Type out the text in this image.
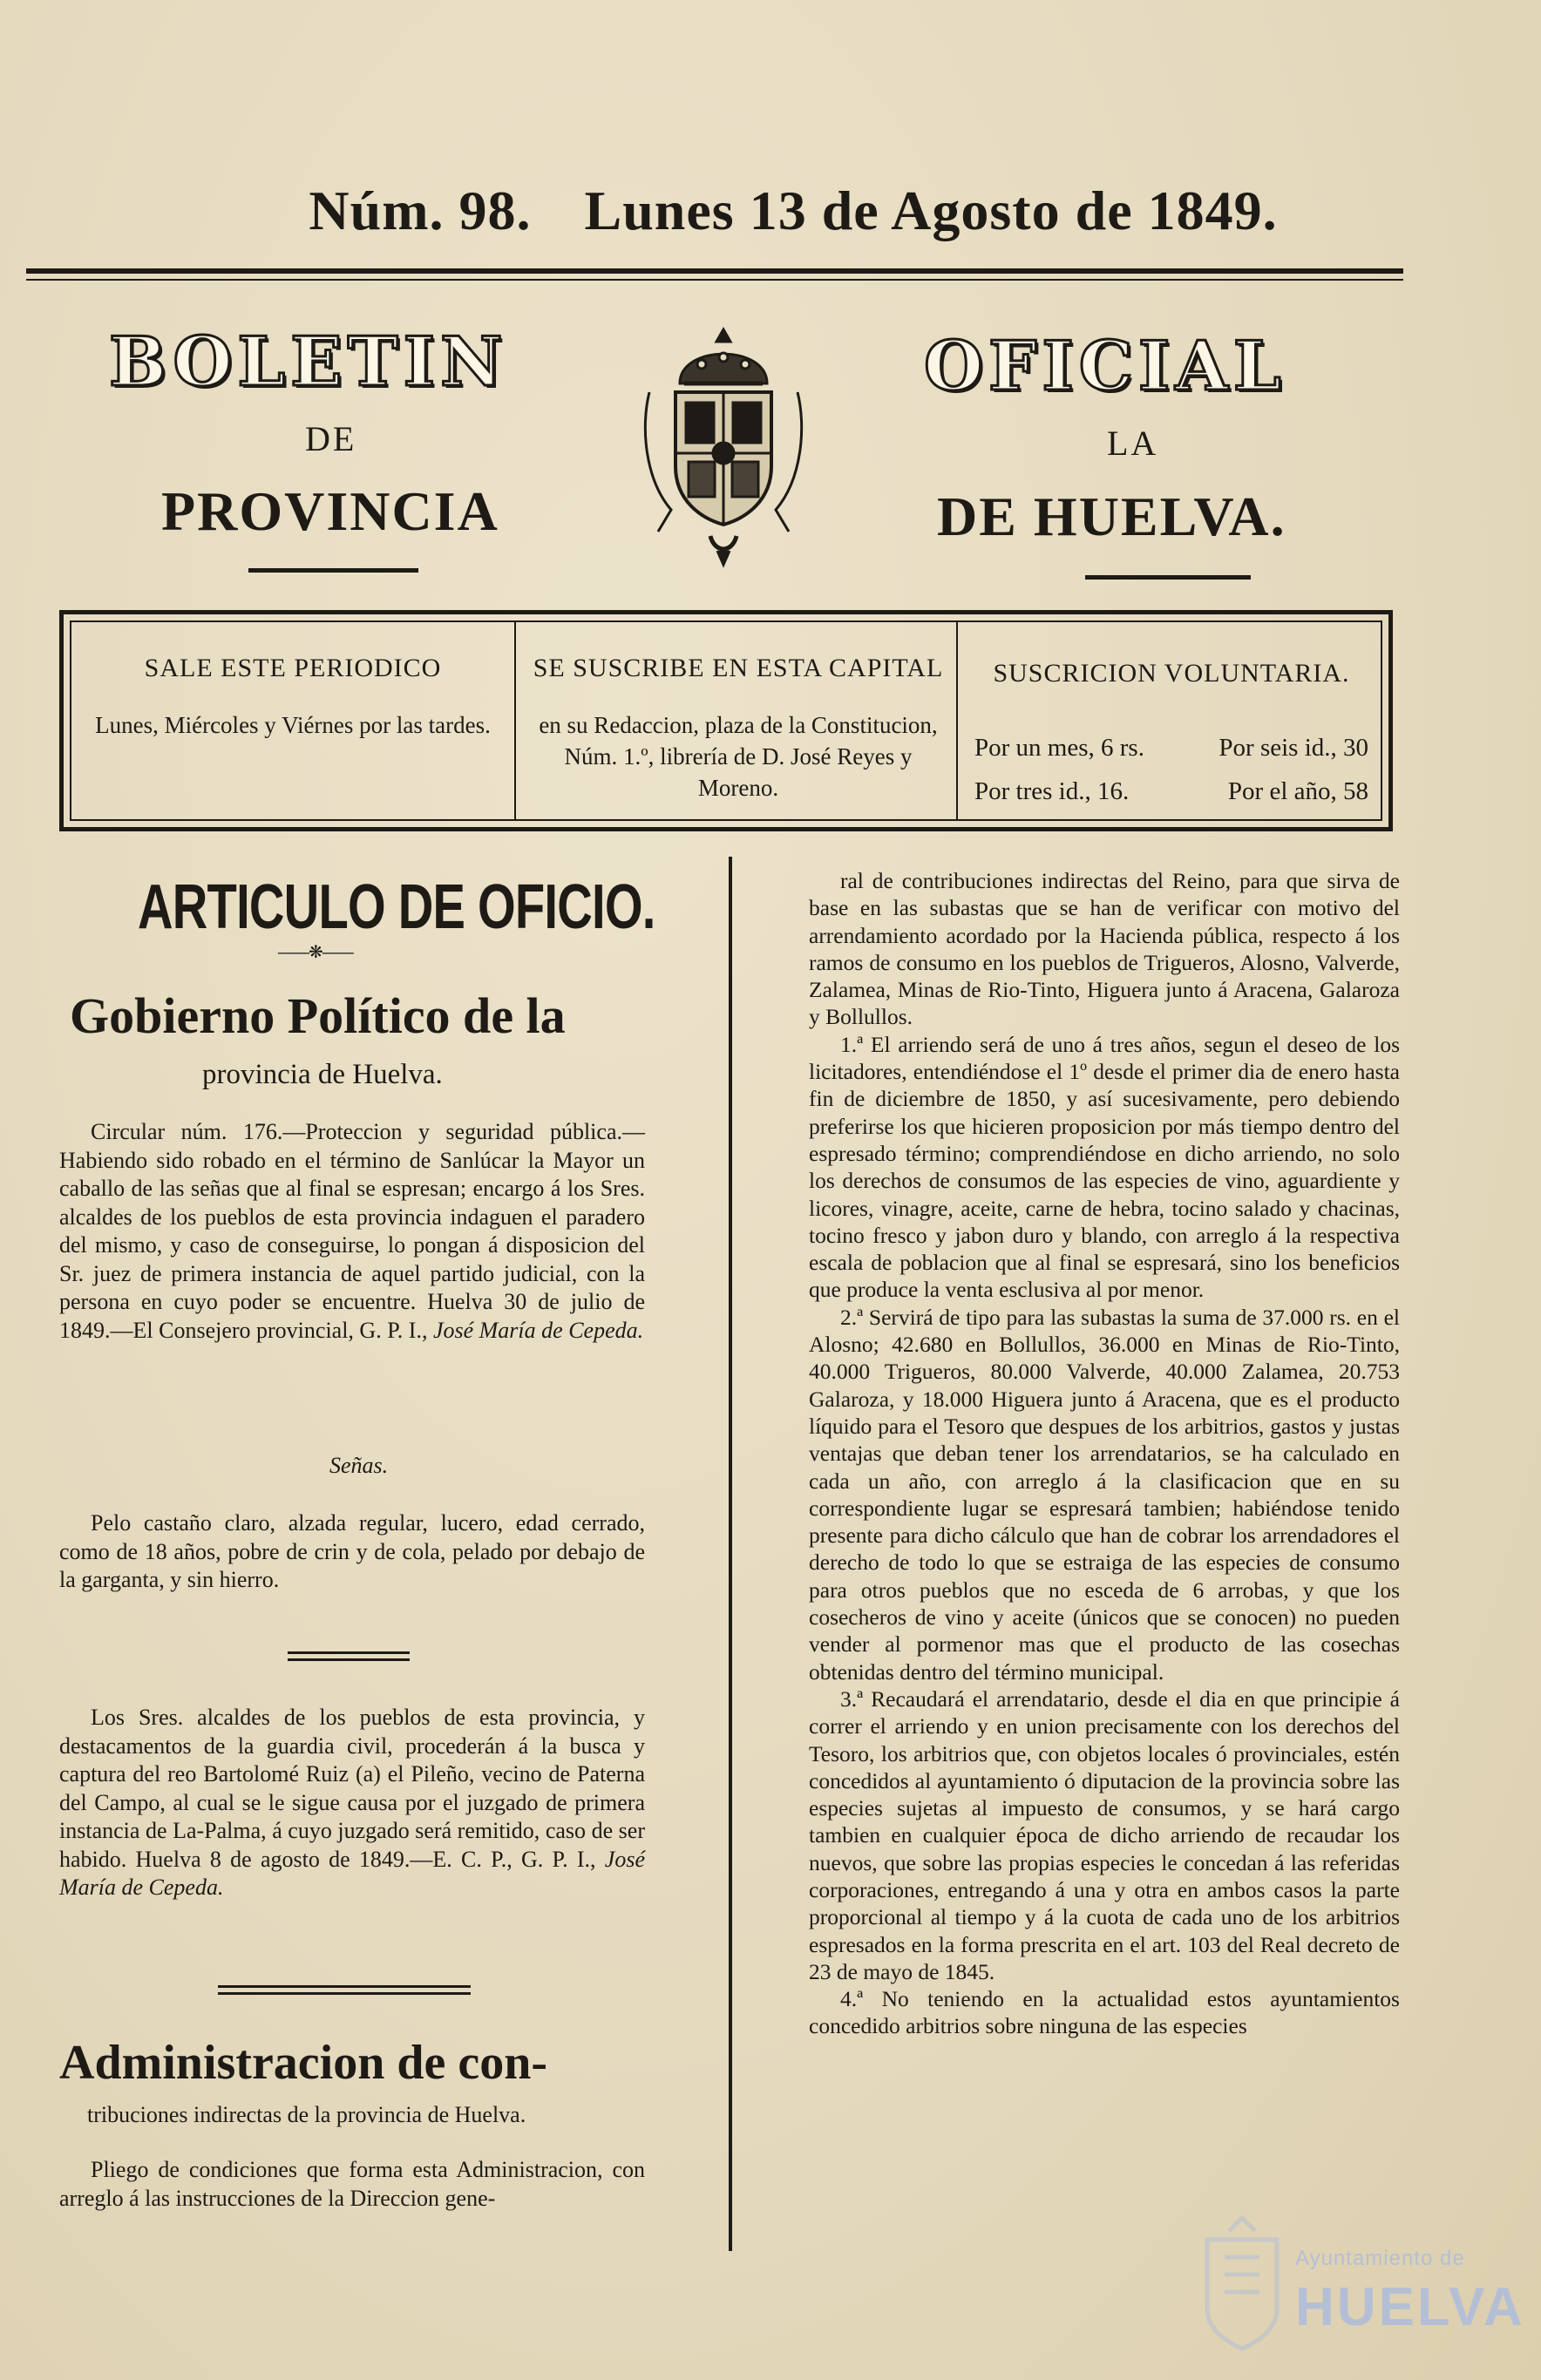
Núm. 98. Lunes 13 de Agosto de 1849.
BOLETIN	OFICIAL
DE	LA
PROVINCIA	DE HUELVA.
SALE ESTE PERIODICO
Lunes, Miércoles y Viérnes por las tardes.
SE SUSCRIBE EN ESTA CAPITAL
en su Redaccion, plaza de la Constitucion, Núm. 1.º, librería de D. José Reyes y Moreno.
SUSCRICION VOLUNTARIA.
Por un mes, 6 rs.	Por seis id., 30
Por tres id., 16.	Por el año, 58
ARTICULO DE OFICIO.
——❋——
Gobierno Político de la
provincia de Huelva.

Circular núm. 176.—Proteccion y seguridad pública.—Habiendo sido robado en el término de Sanlúcar la Mayor un caballo de las señas que al final se espresan; encargo á los Sres. alcaldes de los pueblos de esta provincia indaguen el paradero del mismo, y caso de conseguirse, lo pongan á disposicion del Sr. juez de primera instancia de aquel partido judicial, con la persona en cuyo poder se encuentre. Huelva 30 de julio de 1849.—El Consejero provincial, G. P. I., José María de Cepeda.

Señas.

Pelo castaño claro, alzada regular, lucero, edad cerrado, como de 18 años, pobre de crin y de cola, pelado por debajo de la garganta, y sin hierro.

Los Sres. alcaldes de los pueblos de esta provincia, y destacamentos de la guardia civil, procederán á la busca y captura del reo Bartolomé Ruiz (a) el Pileño, vecino de Paterna del Campo, al cual se le sigue causa por el juzgado de primera instancia de La-Palma, á cuyo juzgado será remitido, caso de ser habido. Huelva 8 de agosto de 1849.—E. C. P., G. P. I., José María de Cepeda.

Administracion de con-
tribuciones indirectas de la provincia de Huelva.

Pliego de condiciones que forma esta Administracion, con arreglo á las instrucciones de la Direccion gene-

ral de contribuciones indirectas del Reino, para que sirva de base en las subastas que se han de verificar con motivo del arrendamiento acordado por la Hacienda pública, respecto á los ramos de consumo en los pueblos de Trigueros, Alosno, Valverde, Zalamea, Minas de Rio-Tinto, Higuera junto á Aracena, Galaroza y Bollullos.

1.ª El arriendo será de uno á tres años, segun el deseo de los licitadores, entendiéndose el 1º desde el primer dia de enero hasta fin de diciembre de 1850, y así sucesivamente, pero debiendo preferirse los que hicieren proposicion por más tiempo dentro del espresado término; comprendiéndose en dicho arriendo, no solo los derechos de consumos de las especies de vino, aguardiente y licores, vinagre, aceite, carne de hebra, tocino salado y chacinas, tocino fresco y jabon duro y blando, con arreglo á la respectiva escala de poblacion que al final se espresará, sino los beneficios que produce la venta esclusiva al por menor.

2.ª Servirá de tipo para las subastas la suma de 37.000 rs. en el Alosno; 42.680 en Bollullos, 36.000 en Minas de Rio-Tinto, 40.000 Trigueros, 80.000 Valverde, 40.000 Zalamea, 20.753 Galaroza, y 18.000 Higuera junto á Aracena, que es el producto líquido para el Tesoro que despues de los arbitrios, gastos y justas ventajas que deban tener los arrendatarios, se ha calculado en cada un año, con arreglo á la clasificacion que en su correspondiente lugar se espresará tambien; habiéndose tenido presente para dicho cálculo que han de cobrar los arrendadores el derecho de todo lo que se estraiga de las especies de consumo para otros pueblos que no esceda de 6 arrobas, y que los cosecheros de vino y aceite (únicos que se conocen) no pueden vender al pormenor mas que el producto de las cosechas obtenidas dentro del término municipal.

3.ª Recaudará el arrendatario, desde el dia en que principie á correr el arriendo y en union precisamente con los derechos del Tesoro, los arbitrios que, con objetos locales ó provinciales, estén concedidos al ayuntamiento ó diputacion de la provincia sobre las especies sujetas al impuesto de consumos, y se hará cargo tambien en cualquier época de dicho arriendo de recaudar los nuevos, que sobre las propias especies le concedan á las referidas corporaciones, entregando á una y otra en ambos casos la parte proporcional al tiempo y á la cuota de cada uno de los arbitrios espresados en la forma prescrita en el art. 103 del Real decreto de 23 de mayo de 1845.

4.ª No teniendo en la actualidad estos ayuntamientos concedido arbitrios sobre ninguna de las especies

Ayuntamiento de
HUELVA
